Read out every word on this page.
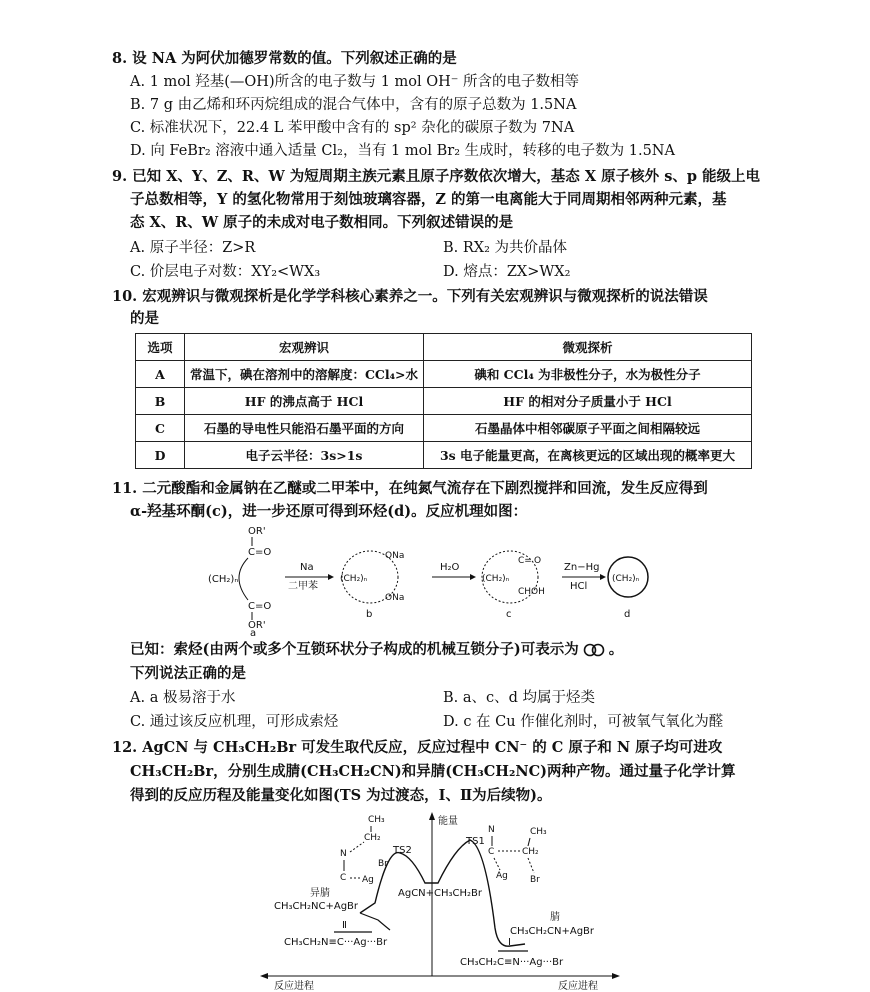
8. 设 NA 为阿伏加德罗常数的值。下列叙述正确的是
A. 1 mol 羟基(—OH)所含的电子数与 1 mol OH⁻ 所含的电子数相等
B. 7 g 由乙烯和环丙烷组成的混合气体中，含有的原子总数为 1.5NA
C. 标准状况下，22.4 L 苯甲酸中含有的 sp² 杂化的碳原子数为 7NA
D. 向 FeBr₂ 溶液中通入适量 Cl₂，当有 1 mol Br₂ 生成时，转移的电子数为 1.5NA
9. 已知 X、Y、Z、R、W 为短周期主族元素且原子序数依次增大，基态 X 原子核外 s、p 能级上电
子总数相等，Y 的氢化物常用于刻蚀玻璃容器，Z 的第一电离能大于同周期相邻两种元素，基
态 X、R、W 原子的未成对电子数相同。下列叙述错误的是
A. 原子半径：Z>R	B. RX₂ 为共价晶体
C. 价层电子对数：XY₂<WX₃	D. 熔点：ZX>WX₂
10. 宏观辨识与微观探析是化学学科核心素养之一。下列有关宏观辨识与微观探析的说法错误
的是
选项	宏观辨识	微观探析
A	常温下，碘在溶剂中的溶解度：CCl₄>水	碘和 CCl₄ 为非极性分子，水为极性分子
B	HF 的沸点高于 HCl	HF 的相对分子质量小于 HCl
C	石墨的导电性只能沿石墨平面的方向	石墨晶体中相邻碳原子平面之间相隔较远
D	电子云半径：3s>1s	3s 电子能量更高，在离核更远的区域出现的概率更大
11. 二元酸酯和金属钠在乙醚或二甲苯中，在纯氮气流存在下剧烈搅拌和回流，发生反应得到
α-羟基环酮(c)，进一步还原可得到环烃(d)。反应机理如图：
OR'
C=O
(CH₂)ₙ
C=O
OR'
a
Na
二甲苯
(CH₂)ₙ
ONa
ONa
b
H₂O
(CH₂)ₙ
C= O
CHOH
c
Zn−Hg
HCl
(CH₂)ₙ
d
已知：索烃(由两个或多个互锁环状分子构成的机械互锁分子)可表示为 。
下列说法正确的是
A. a 极易溶于水	B. a、c、d 均属于烃类
C. 通过该反应机理，可形成索烃	D. c 在 Cu 作催化剂时，可被氧气氧化为醛
12. AgCN 与 CH₃CH₂Br 可发生取代反应，反应过程中 CN⁻ 的 C 原子和 N 原子均可进攻
CH₃CH₂Br，分别生成腈(CH₃CH₂CN)和异腈(CH₃CH₂NC)两种产物。通过量子化学计算
得到的反应历程及能量变化如图(TS 为过渡态，Ⅰ、Ⅱ为后续物)。
能量
反应进程	反应进程
TS2
TS1
AgCN+CH₃CH₂Br
异腈
CH₃CH₂NC+AgBr
Ⅱ
CH₃CH₂N≡C···Ag···Br
腈
CH₃CH₂CN+AgBr
Ⅰ
CH₃CH₂C≡N···Ag···Br
CH₃
CH₂
N
C
Br
Ag
N
C
CH₃
CH₂
Ag Br
